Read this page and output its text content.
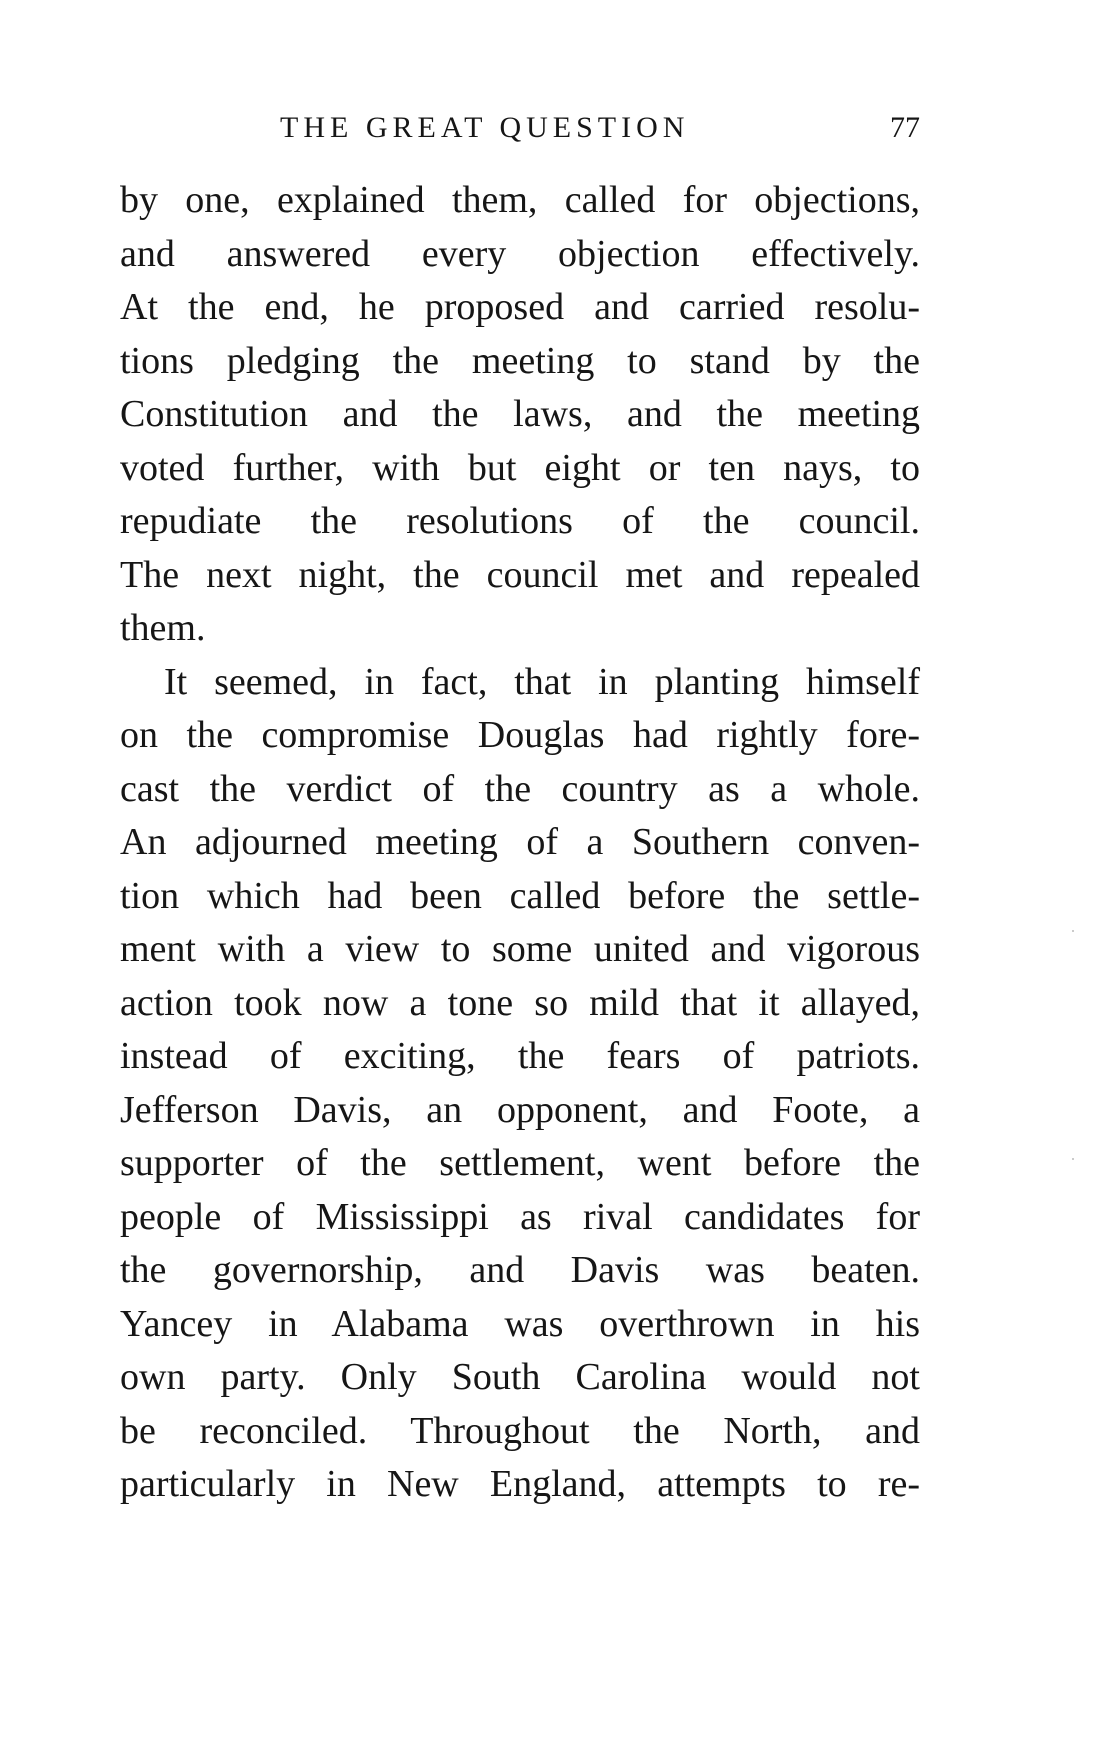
THE GREAT QUESTION	77
by one, explained them, called for objections,
and answered every objection effectively.
At the end, he proposed and carried resolu-
tions pledging the meeting to stand by the
Constitution and the laws, and the meeting
voted further, with but eight or ten nays, to
repudiate the resolutions of the council.
The next night, the council met and repealed
them.
It seemed, in fact, that in planting himself
on the compromise Douglas had rightly fore-
cast the verdict of the country as a whole.
An adjourned meeting of a Southern conven-
tion which had been called before the settle-
ment with a view to some united and vigorous
action took now a tone so mild that it allayed,
instead of exciting, the fears of patriots.
Jefferson Davis, an opponent, and Foote, a
supporter of the settlement, went before the
people of Mississippi as rival candidates for
the governorship, and Davis was beaten.
Yancey in Alabama was overthrown in his
own party. Only South Carolina would not
be reconciled. Throughout the North, and
particularly in New England, attempts to re-
